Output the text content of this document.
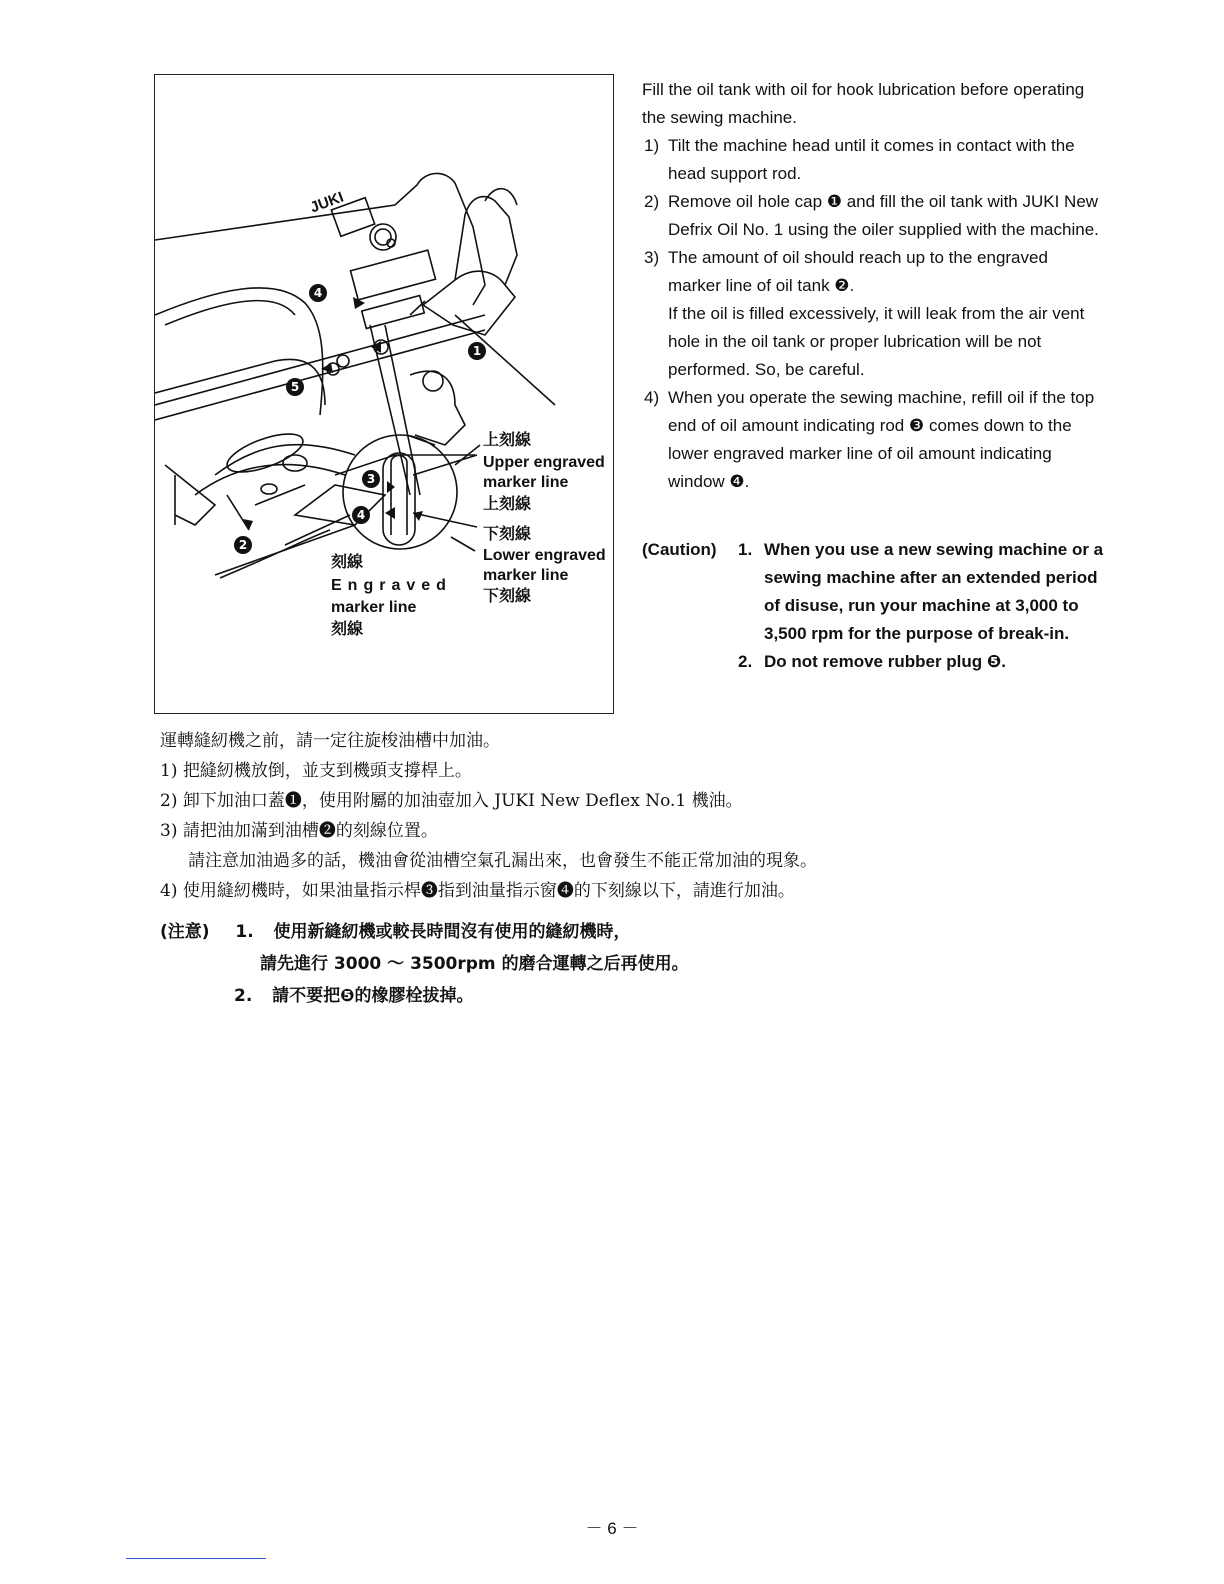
4
1
5
3
4
2
JUKI
上刻線
Upper engraved
marker line
上刻線
下刻線
Lower engraved
marker line
下刻線
刻線
Engraved
marker line
刻線

Fill the oil tank with oil for hook lubrication before operating the sewing machine.

1) Tilt the machine head until it comes in contact with the head support rod.
2) Remove oil hole cap ❶ and fill the oil tank with JUKI New Defrix Oil No. 1 using the oiler supplied with the machine.
3) The amount of oil should reach up to the engraved marker line of oil tank ❷.

If the oil is filled excessively, it will leak from the air vent hole in the oil tank or proper lubrication will be not performed. So, be careful.

4) When you operate the sewing machine, refill oil if the top end of oil amount indicating rod ❸ comes down to the lower engraved marker line of oil amount indicating window ❹.
(Caution) 1. When you use a new sewing machine or a sewing machine after an extended period of disuse, run your machine at 3,000 to 3,500 rpm for the purpose of break-in.
2. Do not remove rubber plug ❺.

運轉縫紉機之前，請一定往旋梭油槽中加油。

1) 把縫紉機放倒，並支到機頭支撐桿上。

2) 卸下加油口蓋❶，使用附屬的加油壺加入 JUKI New Deflex No.1 機油。

3) 請把油加滿到油槽❷的刻線位置。

請注意加油過多的話，機油會從油槽空氣孔漏出來，也會發生不能正常加油的現象。

4) 使用縫紉機時，如果油量指示桿❸指到油量指示窗❹的下刻線以下，請進行加油。

(注意) 1. 使用新縫紉機或較長時間沒有使用的縫紉機時，
請先進行 3000 ～ 3500rpm 的磨合運轉之后再使用。
2. 請不要把❺的橡膠栓拔掉。
－ 6 －
